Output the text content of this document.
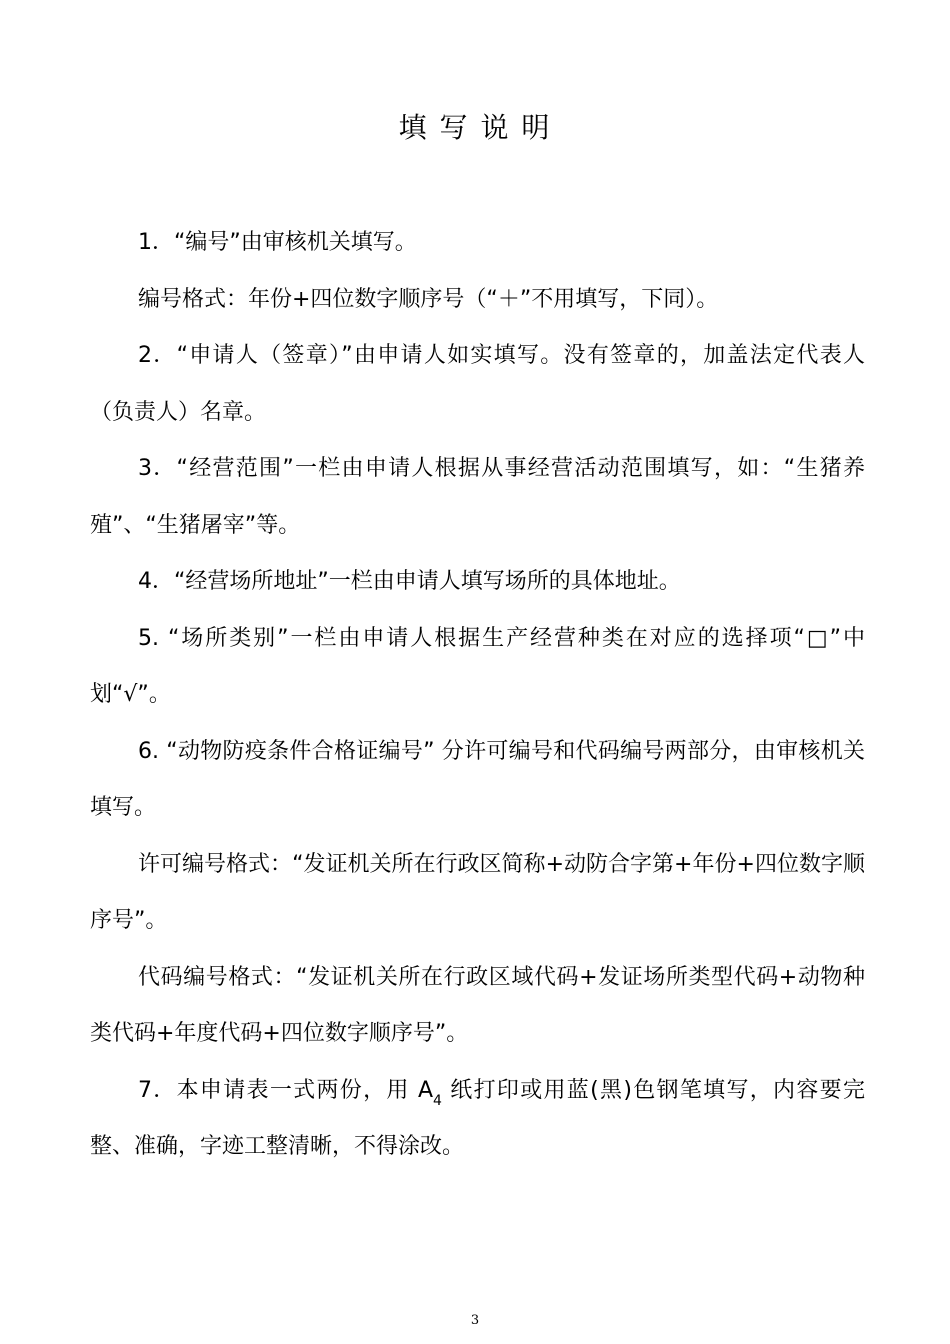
填 写 说 明

1．“编号”由审核机关填写。

编号格式：年份+四位数字顺序号（“＋”不用填写，下同）。

2．“申请人（签章）”由申请人如实填写。没有签章的，加盖法定代表人（负责人）名章。

3．“经营范围”一栏由申请人根据从事经营活动范围填写，如：“生猪养殖”、“生猪屠宰”等。

4．“经营场所地址”一栏由申请人填写场所的具体地址。

5. “场所类别”一栏由申请人根据生产经营种类在对应的选择项“□”中划“√”。

6. “动物防疫条件合格证编号” 分许可编号和代码编号两部分，由审核机关填写。

许可编号格式：“发证机关所在行政区简称+动防合字第+年份+四位数字顺序号”。

代码编号格式：“发证机关所在行政区域代码+发证场所类型代码+动物种类代码+年度代码+四位数字顺序号”。

7．本申请表一式两份，用 $A_4$ 纸打印或用蓝(黑)色钢笔填写，内容要完整、准确，字迹工整清晰，不得涂改。

3
